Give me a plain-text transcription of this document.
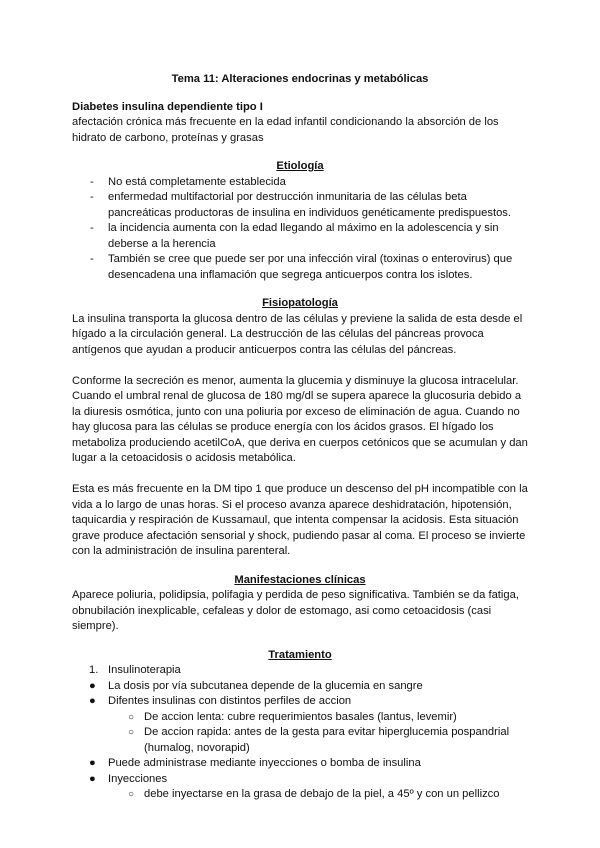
Tema 11: Alteraciones endocrinas y metabólicas

Diabetes insulina dependiente tipo I

afectación crónica más frecuente en la edad infantil condicionando la absorción de los hidrato de carbono, proteínas y grasas

Etiología

- No está completamente establecida
- enfermedad multifactorial por destrucción inmunitaria de las células beta pancreáticas productoras de insulina en individuos genéticamente predispuestos.
- la incidencia aumenta con la edad llegando al máximo en la adolescencia y sin deberse a la herencia
- También se cree que puede ser por una infección viral (toxinas o enterovirus) que desencadena una inflamación que segrega anticuerpos contra los islotes.

Fisiopatología

La insulina transporta la glucosa dentro de las células y previene la salida de esta desde el hígado a la circulación general. La destrucción de las células del páncreas provoca antígenos que ayudan a producir anticuerpos contra las células del páncreas.

Conforme la secreción es menor, aumenta la glucemia y disminuye la glucosa intracelular. Cuando el umbral renal de glucosa de 180 mg/dl se supera aparece la glucosuria debido a la diuresis osmótica, junto con una poliuria por exceso de eliminación de agua. Cuando no hay glucosa para las células se produce energía con los ácidos grasos. El hígado los metaboliza produciendo acetilCoA, que deriva en cuerpos cetónicos que se acumulan y dan lugar a la cetoacidosis o acidosis metabólica.

Esta es más frecuente en la DM tipo 1 que produce un descenso del pH incompatible con la vida a lo largo de unas horas. Si el proceso avanza aparece deshidratación, hipotensión, taquicardia y respiración de Kussamaul, que intenta compensar la acidosis. Esta situación grave produce afectación sensorial y shock, pudiendo pasar al coma. El proceso se invierte con la administración de insulina parenteral.

Manifestaciones clínicas

Aparece poliuria, polidipsia, polifagia y perdida de peso significativa. También se da fatiga, obnubilación inexplicable, cefaleas y dolor de estomago, asi como cetoacidosis (casi siempre).

Tratamiento

1. Insulinoterapia
● La dosis por vía subcutanea depende de la glucemia en sangre
● Difentes insulinas con distintos perfiles de accion
○ De accion lenta: cubre requerimientos basales (lantus, levemir)
○ De accion rapida: antes de la gesta para evitar hiperglucemia pospandrial (humalog, novorapid)
● Puede administrase mediante inyecciones o bomba de insulina
● Inyecciones
○ debe inyectarse en la grasa de debajo de la piel, a 45º y con un pellizco
